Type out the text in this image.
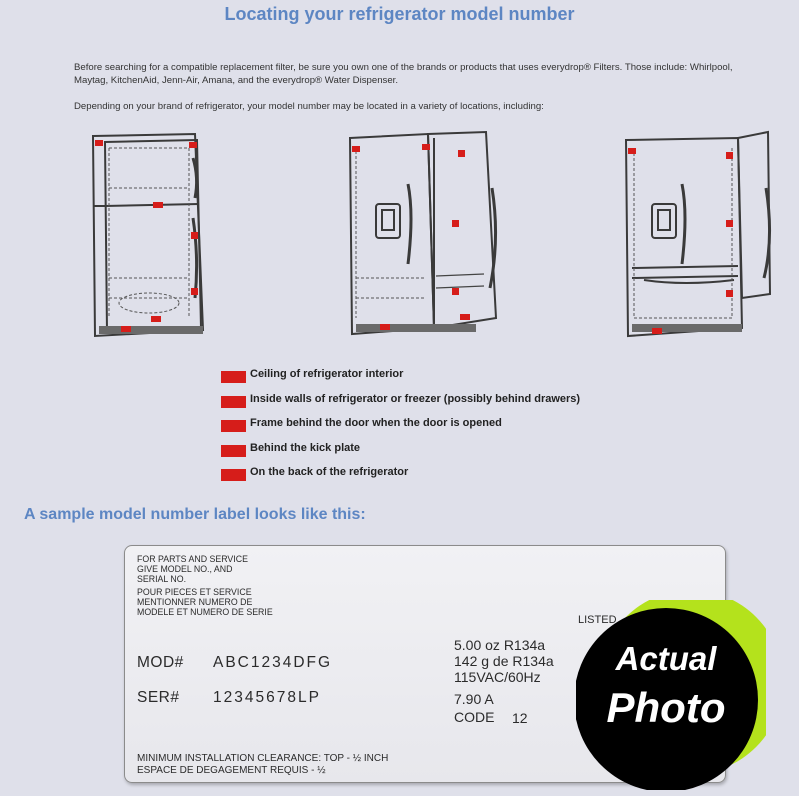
Locating your refrigerator model number
Before searching for a compatible replacement filter, be sure you own one of the brands or products that uses everydrop® Filters. Those include: Whirlpool, Maytag, KitchenAid, Jenn-Air, Amana, and the everydrop® Water Dispenser.
Depending on your brand of refrigerator, your model number may be located in a variety of locations, including:
Ceiling of refrigerator interior
Inside walls of refrigerator or freezer (possibly behind drawers)
Frame behind the door when the door is opened
Behind the kick plate
On the back of the refrigerator
A sample model number label looks like this:
FOR PARTS AND SERVICE
GIVE MODEL NO., AND
SERIAL NO.
POUR PIECES ET SERVICE
MENTIONNER NUMERO DE
MODELE ET NUMERO DE SERIE
MOD# ABC1234DFG
SER# 12345678LP
5.00 oz R134a
142 g de R134a
115VAC/60Hz
7.90 A
CODE 12
LISTED
MINIMUM INSTALLATION CLEARANCE: TOP - ½ INCH
ESPACE DE DEGAGEMENT REQUIS - ½
Actual
Photo
